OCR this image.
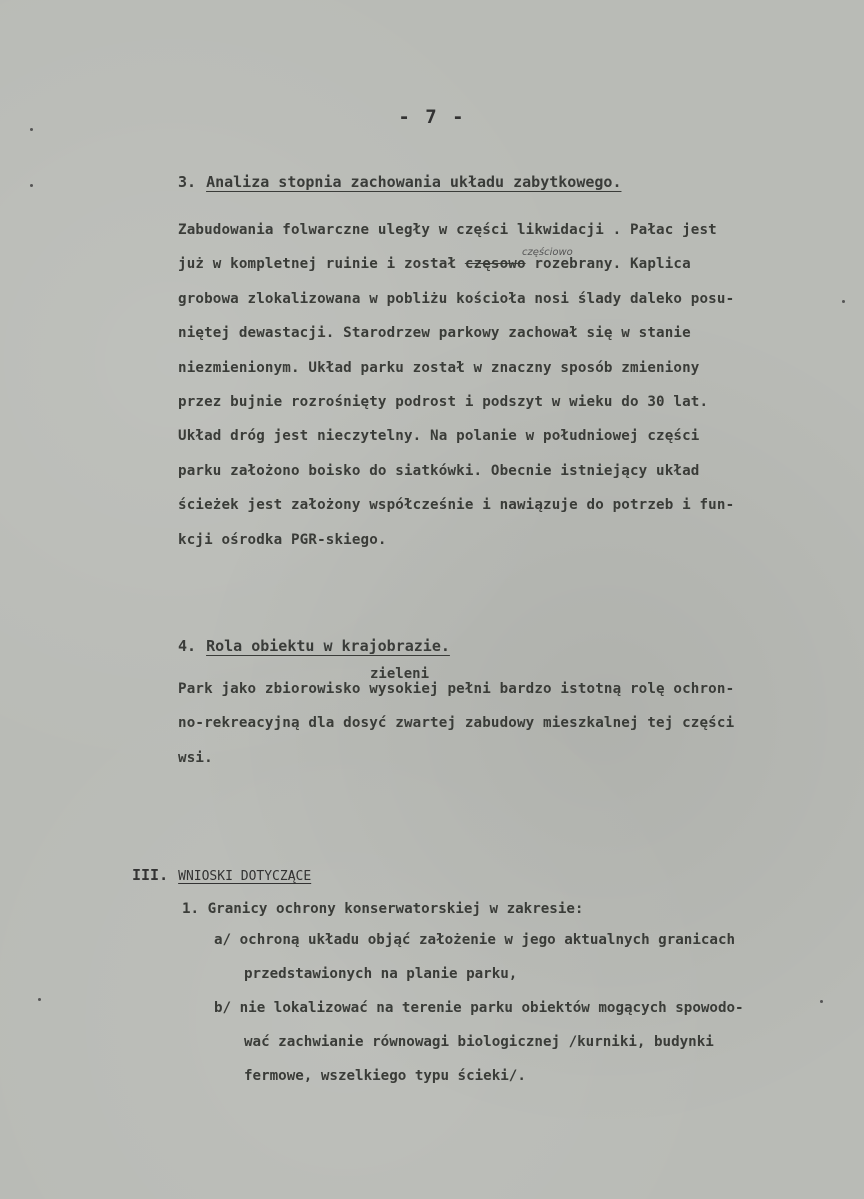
- 7 -
3. Analiza stopnia zachowania układu zabytkowego.
Zabudowania folwarczne uległy w części likwidacji . Pałac jest
już w kompletnej ruinie i został częsowo rozebrany. Kaplica
częściowo
grobowa zlokalizowana w pobliżu kościoła nosi ślady daleko posu-
niętej dewastacji. Starodrzew parkowy zachował się w stanie
niezmienionym. Układ parku został w znaczny sposób zmieniony
przez bujnie rozrośnięty podrost i podszyt w wieku do 30 lat.
Układ dróg jest nieczytelny. Na polanie w południowej części
parku założono boisko do siatkówki. Obecnie istniejący układ
ścieżek jest założony współcześnie i nawiązuje do potrzeb i fun-
kcji ośrodka PGR-skiego.
4. Rola obiektu w krajobrazie.
zieleni
Park jako zbiorowisko wysokiej pełni bardzo istotną rolę ochron-
no-rekreacyjną dla dosyć zwartej zabudowy mieszkalnej tej części
wsi.
III. WNIOSKI DOTYCZĄCE
1. Granicy ochrony konserwatorskiej w zakresie:
a/ ochroną układu objąć założenie w jego aktualnych granicach
przedstawionych na planie parku,
b/ nie lokalizować na terenie parku obiektów mogących spowodo-
wać zachwianie równowagi biologicznej /kurniki, budynki
fermowe, wszelkiego typu ścieki/.
